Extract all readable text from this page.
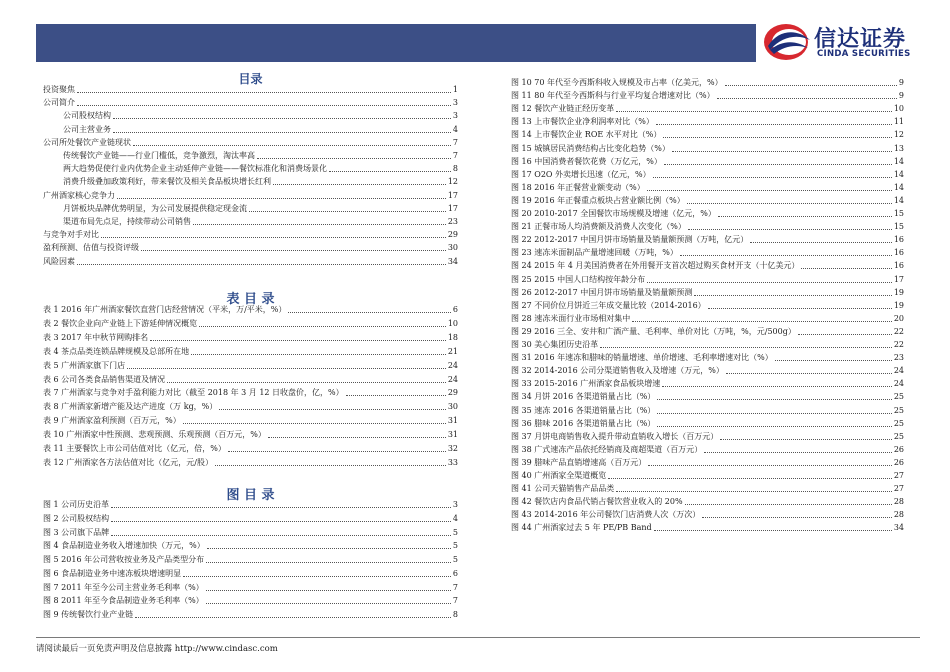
信达证券
CINDA SECURITIES
目录
投资聚焦	1
公司简介	3
公司股权结构	3
公司主营业务	4
公司所处餐饮产业链现状	7
传统餐饮产业链——行业门槛低，竞争激烈，淘汰率高	7
两大趋势促使行业内优势企业主动延伸产业链——餐饮标准化和消费场景化	8
消费升级叠加政策利好，带来餐饮及相关食品板块增长红利	12
广州酒家核心竞争力	17
月饼板块品牌优势明显，为公司发展提供稳定现金流	17
渠道布局先点足，持续带动公司销售	23
与竞争对手对比	29
盈利预测、估值与投资评级	30
风险因素	34
表 目 录
表 1 2016 年广州酒家餐饮直营门店经营情况（平米，万/平米，%）	6
表 2 餐饮企业向产业链上下游延伸情况概览	10
表 3 2017 年中秋节网购排名	18
表 4 茶点品类连锁品牌规模及总部所在地	21
表 5 广州酒家旗下门店	24
表 6 公司各类食品销售渠道及情况	24
表 7 广州酒家与竞争对手盈利能力对比（截至 2018 年 3 月 12 日收盘价，亿，%）	29
表 8 广州酒家新增产能及达产进度（万 kg，%）	30
表 9 广州酒家盈利预测（百万元，%）	31
表 10 广州酒家中性预测、悲观预测、乐观预测（百万元，%）	31
表 11 主要餐饮上市公司估值对比（亿元，倍，%）	32
表 12 广州酒家各方法估值对比（亿元，元/股）	33
图 目 录
图 1 公司历史沿革	3
图 2 公司股权结构	4
图 3 公司旗下品牌	5
图 4 食品制造业务收入增速加快（万元，%）	5
图 5 2016 年公司营收按业务及产品类型分布	5
图 6 食品制造业务中速冻板块增速明显	6
图 7 2011 年至今公司主营业务毛利率（%）	7
图 8 2011 年至今食品制造业务毛利率（%）	7
图 9 传统餐饮行业产业链	8
图 10 70 年代至今西斯科收入规模及市占率（亿美元，%）	9
图 11 80 年代至今西斯科与行业平均复合增速对比（%）	9
图 12 餐饮产业链正经历变革	10
图 13 上市餐饮企业净利润率对比（%）	11
图 14 上市餐饮企业 ROE 水平对比（%）	12
图 15 城镇居民消费结构占比变化趋势（%）	13
图 16 中国消费者餐饮花费（万亿元，%）	14
图 17 O2O 外卖增长迅速（亿元，%）	14
图 18 2016 年正餐营业额变动（%）	14
图 19 2016 年正餐重点板块占营业额比例（%）	14
图 20 2010-2017 全国餐饮市场规模及增速（亿元，%）	15
图 21 正餐市场人均消费额及消费人次变化（%）	15
图 22 2012-2017 中国月饼市场销量及销量额预测（万吨，亿元）	16
图 23 速冻米面制品产量增速回暖（万吨，%）	16
图 24 2015 年 4 月美国消费者在外用餐开支首次超过购买食材开支（十亿美元）	16
图 25 2015 中国人口结构按年龄分布	17
图 26 2012-2017 中国月饼市场销量及销量额预测	19
图 27 不同价位月饼近三年成交量比较（2014-2016）	19
图 28 速冻米面行业市场相对集中	20
图 29 2016 三全、安井和广酒产量、毛利率、单价对比（万吨，%，元/500g）	22
图 30 美心集团历史沿革	22
图 31 2016 年速冻和腊味的销量增速、单价增速、毛利率增速对比（%）	23
图 32 2014-2016 公司分渠道销售收入及增速（万元，%）	24
图 33 2015-2016 广州酒家食品板块增速	24
图 34 月饼 2016 各渠道销量占比（%）	25
图 35 速冻 2016 各渠道销量占比（%）	25
图 36 腊味 2016 各渠道销量占比（%）	25
图 37 月饼电商销售收入提升带动直销收入增长（百万元）	25
图 38 广式速冻产品依托经销商及商超渠道（百万元）	26
图 39 腊味产品直销增速高（百万元）	26
图 40 广州酒家全渠道概览	27
图 41 公司天猫销售产品品类	27
图 42 餐饮店内食品代销占餐饮营业收入的 20%	28
图 43 2014-2016 年公司餐饮门店消费人次（万次）	28
图 44 广州酒家过去 5 年 PE/PB Band	34
请阅读最后一页免责声明及信息披露 http://www.cindasc.com
